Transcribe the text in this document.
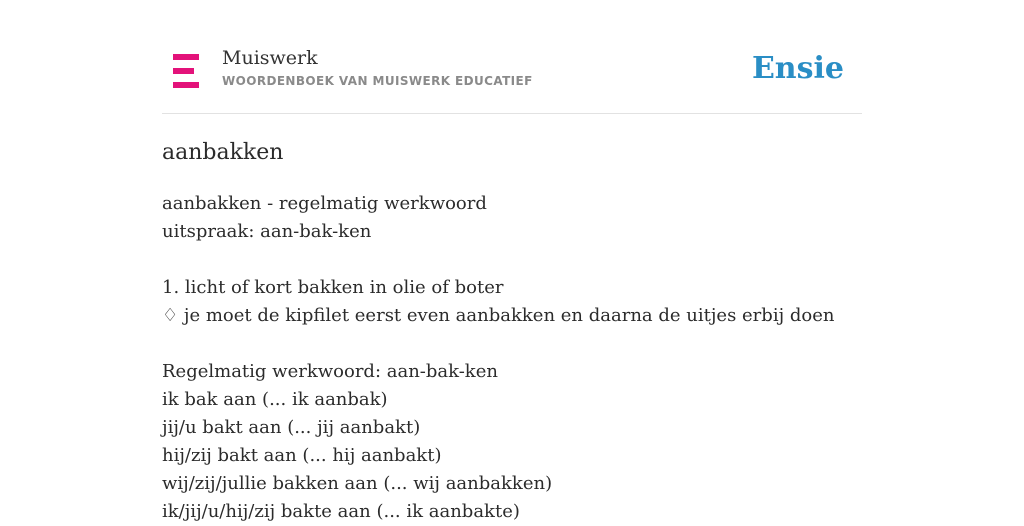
Muiswerk
WOORDENBOEK VAN MUISWERK EDUCATIEF	Ensie
aanbakken
aanbakken - regelmatig werkwoord
uitspraak: aan-bak-ken
1. licht of kort bakken in olie of boter
♢ je moet de kipfilet eerst even aanbakken en daarna de uitjes erbij doen
Regelmatig werkwoord: aan-bak-ken
ik bak aan (... ik aanbak)
jij/u bakt aan (... jij aanbakt)
hij/zij bakt aan (... hij aanbakt)
wij/zij/jullie bakken aan (... wij aanbakken)
ik/jij/u/hij/zij bakte aan (... ik aanbakte)
